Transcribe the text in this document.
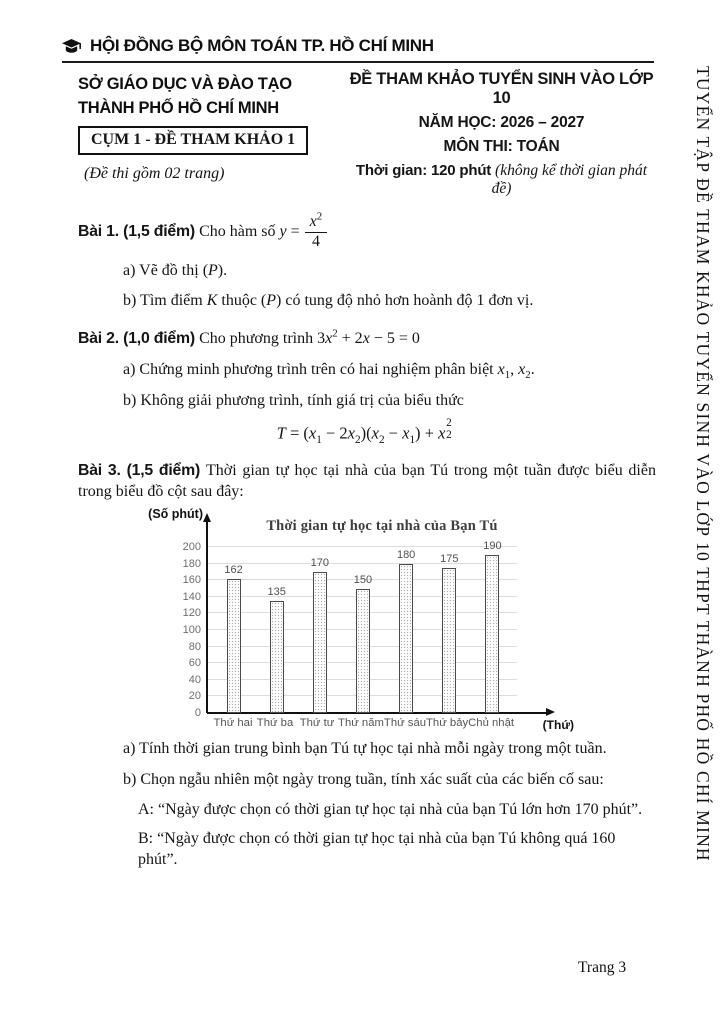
TUYỂN TẬP ĐỀ THAM KHẢO TUYỂN SINH VÀO LỚP 10 THPT THÀNH PHỐ HỒ CHÍ MINH
HỘI ĐỒNG BỘ MÔN TOÁN TP. HỒ CHÍ MINH
SỞ GIÁO DỤC VÀ ĐÀO TẠO
THÀNH PHỐ HỒ CHÍ MINH
CỤM 1 - ĐỀ THAM KHẢO 1
(Đề thi gồm 02 trang)
ĐỀ THAM KHẢO TUYỂN SINH VÀO LỚP 10
NĂM HỌC: 2026 – 2027
MÔN THI: TOÁN
Thời gian: 120 phút (không kể thời gian phát đề)

Bài 1. (1,5 điểm) Cho hàm số $y = \frac{x^2}{4}$

a) Vẽ đồ thị (P).

b) Tìm điểm K thuộc (P) có tung độ nhỏ hơn hoành độ 1 đơn vị.

Bài 2. (1,0 điểm) Cho phương trình $3x^2 + 2x - 5 = 0$

a) Chứng minh phương trình trên có hai nghiệm phân biệt $x_1$, $x_2$.

b) Không giải phương trình, tính giá trị của biểu thức

$T = (x_1 - 2x_2)(x_2 - x_1) + x$
2
2

Bài 3. (1,5 điểm) Thời gian tự học tại nhà của bạn Tú trong một tuần được biểu diễn trong biểu đồ cột sau đây:

(Số phút)
Thời gian tự học tại nhà của Bạn Tú
0
20
40
60
80
100
120
140
160
180
200
162
135
170
150
180 175
190
(Thứ)
Thứ hai Thứ ba Thứ tư Thứ năm Thứ sáu Thứ bảy Chủ nhật

a) Tính thời gian trung bình bạn Tú tự học tại nhà mỗi ngày trong một tuần.

b) Chọn ngẫu nhiên một ngày trong tuần, tính xác suất của các biến cố sau:

A: “Ngày được chọn có thời gian tự học tại nhà của bạn Tú lớn hơn 170 phút”.

B: “Ngày được chọn có thời gian tự học tại nhà của bạn Tú không quá 160 phút”.

Trang 3
